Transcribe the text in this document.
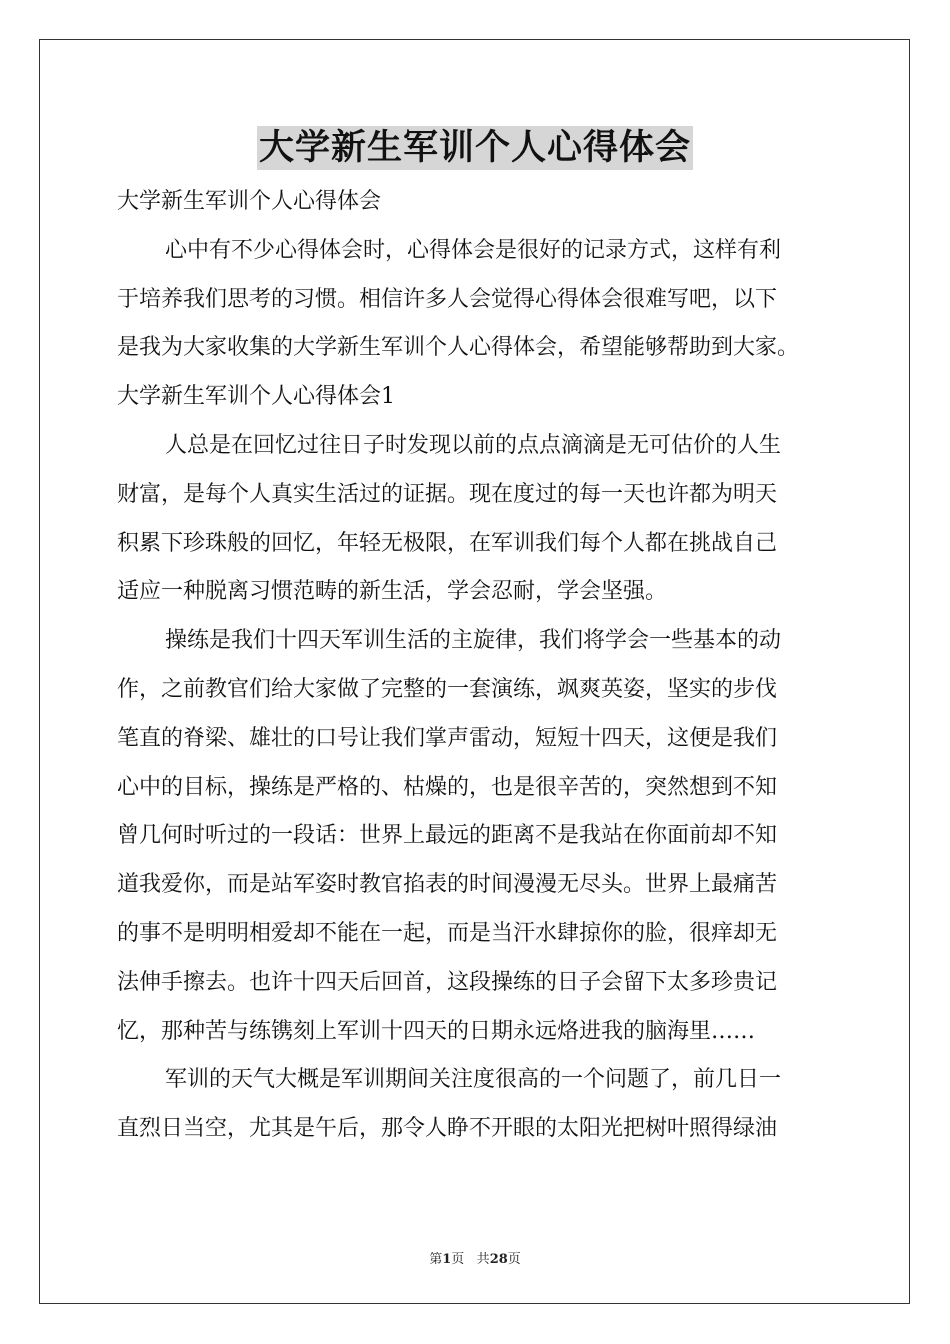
大学新生军训个人心得体会

大学新生军训个人心得体会

心中有不少心得体会时，心得体会是很好的记录方式，这样有利

于培养我们思考的习惯。相信许多人会觉得心得体会很难写吧，以下

是我为大家收集的大学新生军训个人心得体会，希望能够帮助到大家。

大学新生军训个人心得体会1

人总是在回忆过往日子时发现以前的点点滴滴是无可估价的人生

财富，是每个人真实生活过的证据。现在度过的每一天也许都为明天

积累下珍珠般的回忆，年轻无极限，在军训我们每个人都在挑战自己

适应一种脱离习惯范畴的新生活，学会忍耐，学会坚强。

操练是我们十四天军训生活的主旋律，我们将学会一些基本的动

作，之前教官们给大家做了完整的一套演练，飒爽英姿，坚实的步伐

笔直的脊梁、雄壮的口号让我们掌声雷动，短短十四天，这便是我们

心中的目标，操练是严格的、枯燥的，也是很辛苦的，突然想到不知

曾几何时听过的一段话：世界上最远的距离不是我站在你面前却不知

道我爱你，而是站军姿时教官掐表的时间漫漫无尽头。世界上最痛苦

的事不是明明相爱却不能在一起，而是当汗水肆掠你的脸，很痒却无

法伸手擦去。也许十四天后回首，这段操练的日子会留下太多珍贵记

忆，那种苦与练镌刻上军训十四天的日期永远烙进我的脑海里……

军训的天气大概是军训期间关注度很高的一个问题了，前几日一

直烈日当空，尤其是午后，那令人睁不开眼的太阳光把树叶照得绿油

第1页 共28页
